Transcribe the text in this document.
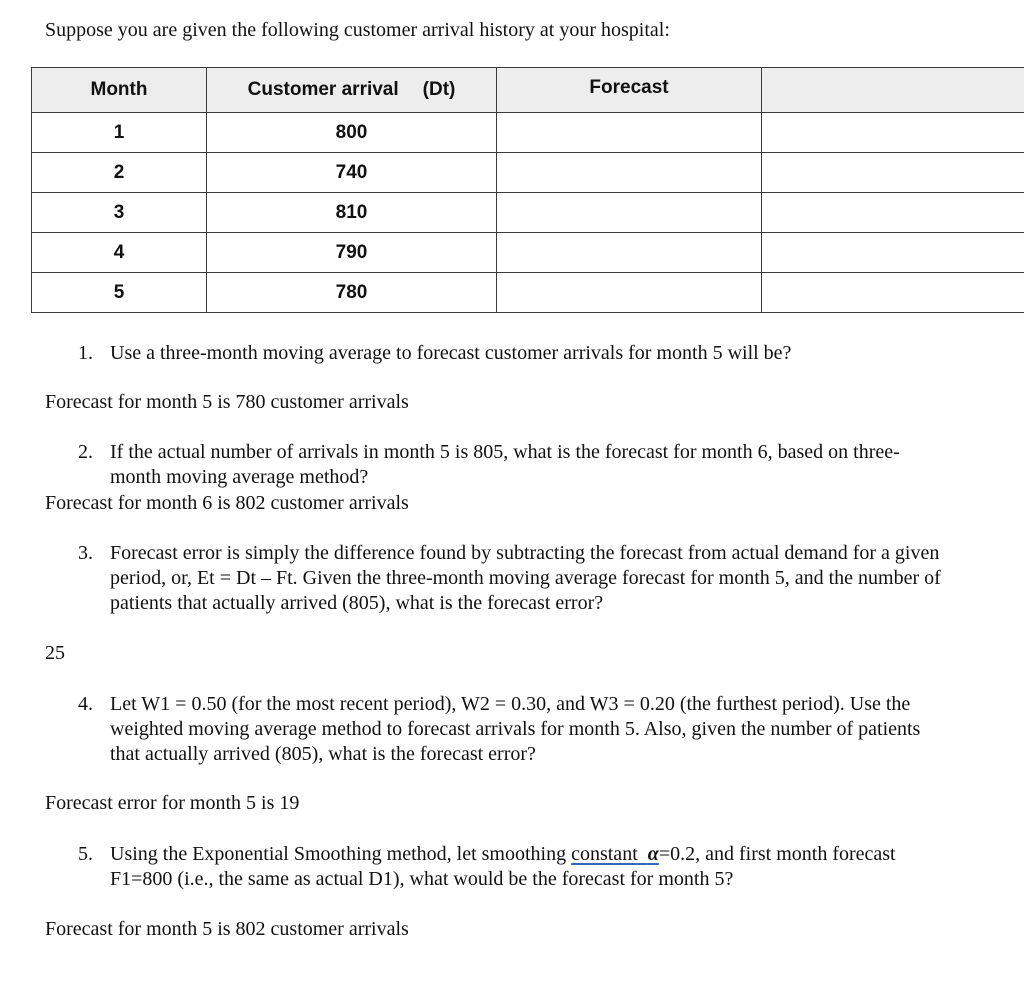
Suppose you are given the following customer arrival history at your hospital:
Month	Customer arrival (Dt)	Forecast	
1	800		
2	740		
3	810		
4	790		
5	780		
1. Use a three-month moving average to forecast customer arrivals for month 5 will be?
Forecast for month 5 is 780 customer arrivals
2. If the actual number of arrivals in month 5 is 805, what is the forecast for month 6, based on three-
month moving average method?
Forecast for month 6 is 802 customer arrivals
3. Forecast error is simply the difference found by subtracting the forecast from actual demand for a given
period, or, Et = Dt – Ft. Given the three-month moving average forecast for month 5, and the number of
patients that actually arrived (805), what is the forecast error?
25
4. Let W1 = 0.50 (for the most recent period), W2 = 0.30, and W3 = 0.20 (the furthest period). Use the
weighted moving average method to forecast arrivals for month 5. Also, given the number of patients
that actually arrived (805), what is the forecast error?
Forecast error for month 5 is 19
5. Using the Exponential Smoothing method, let smoothing constant α=0.2, and first month forecast
F1=800 (i.e., the same as actual D1), what would be the forecast for month 5?
Forecast for month 5 is 802 customer arrivals
